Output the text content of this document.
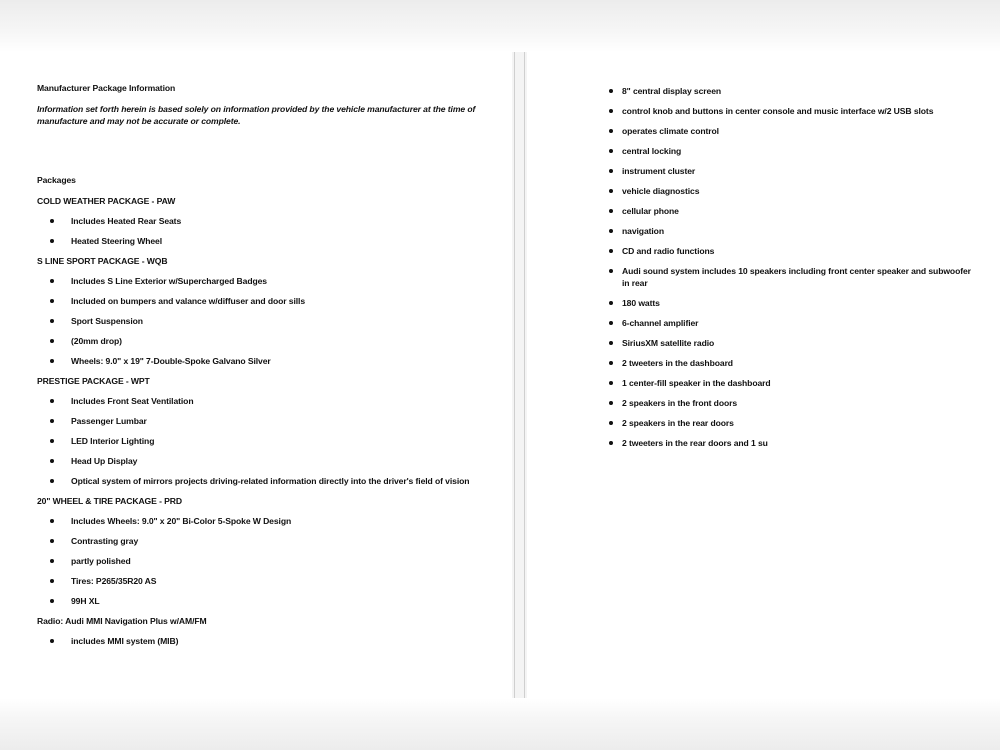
Manufacturer Package Information

Information set forth herein is based solely on information provided by the vehicle manufacturer at the time of manufacture and may not be accurate or complete.

Packages
COLD WEATHER PACKAGE - PAW
Includes Heated Rear Seats
Heated Steering Wheel
S LINE SPORT PACKAGE - WQB
Includes S Line Exterior w/Supercharged Badges
Included on bumpers and valance w/diffuser and door sills
Sport Suspension
(20mm drop)
Wheels: 9.0" x 19" 7-Double-Spoke Galvano Silver
PRESTIGE PACKAGE - WPT
Includes Front Seat Ventilation
Passenger Lumbar
LED Interior Lighting
Head Up Display
Optical system of mirrors projects driving-related information directly into the driver's field of vision
20" WHEEL & TIRE PACKAGE - PRD
Includes Wheels: 9.0" x 20" Bi-Color 5-Spoke W Design
Contrasting gray
partly polished
Tires: P265/35R20 AS
99H XL
Radio: Audi MMI Navigation Plus w/AM/FM
includes MMI system (MIB)
8" central display screen
control knob and buttons in center console and music interface w/2 USB slots
operates climate control
central locking
instrument cluster
vehicle diagnostics
cellular phone
navigation
CD and radio functions
Audi sound system includes 10 speakers including front center speaker and subwoofer in rear
180 watts
6-channel amplifier
SiriusXM satellite radio
2 tweeters in the dashboard
1 center-fill speaker in the dashboard
2 speakers in the front doors
2 speakers in the rear doors
2 tweeters in the rear doors and 1 su
